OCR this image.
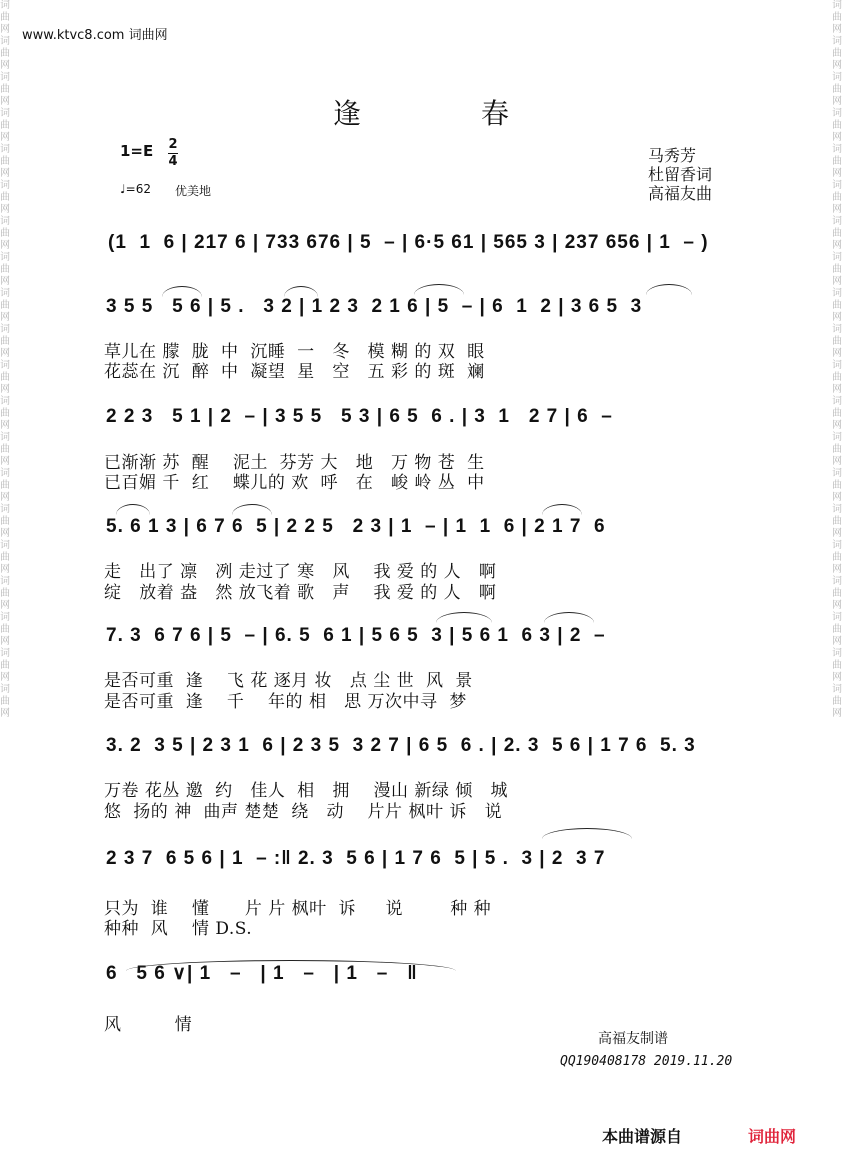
词
曲
网
词
曲
网
词
曲
网
词
曲
网
词
曲
网
词
曲
网
词
曲
网
词
曲
网
词
曲
网
词
曲
网
词
曲
网
词
曲
网
词
曲
网
词
曲
网
词
曲
网
词
曲
网
词
曲
网
词
曲
网
词
曲
网
词
曲
网
词
曲
网
词
曲
网
词
曲
网
词
曲
网
词
曲
网
词
曲
网
词
曲
网
词
曲
网
词
曲
网
词
曲
网
词
曲
网
词
曲
网
词
曲
网
词
曲
网
词
曲
网
词
曲
网
词
曲
网
词
曲
网
词
曲
网
词
曲
网
www.ktvc8.com 词曲网
逢	春
1=E 2
4
♩=62 优美地
马秀芳
杜留香词
高福友曲
(1  1  6 | 217 6 | 733 676 | 5  – | 6·5 61 | 565 3 | 237 656 | 1  – )
3 5 5   5 6 | 5 .   3 2 | 1 2 3  2 1 6 | 5  – | 6  1  2 | 3 6 5  3
草儿在 朦  胧  中  沉睡  一   冬   模 糊 的 双  眼
花蕊在 沉  醉  中  凝望  星   空   五 彩 的 斑  斓
2 2 3   5 1 | 2  – | 3 5 5   5 3 | 6 5  6 . | 3  1   2 7 | 6  –
已渐渐 苏  醒    泥土  芬芳 大   地   万 物 苍  生
已百媚 千  红    蝶儿的 欢  呼   在   峻 岭 丛  中
5. 6 1 3 | 6 7 6  5 | 2 2 5   2 3 | 1  – | 1  1  6 | 2 1 7  6
走   出了 凛   冽 走过了 寒   风    我 爱 的 人   啊
绽   放着 盎   然 放飞着 歌   声    我 爱 的 人   啊
7. 3  6 7 6 | 5  – | 6. 5  6 1 | 5 6 5  3 | 5 6 1  6 3 | 2  –
是否可重  逢    飞 花 逐月 妆   点 尘 世  风  景
是否可重  逢    千    年的 相   思 万次中寻  梦
3. 2  3 5 | 2 3 1  6 | 2 3 5  3 2 7 | 6 5  6 . | 2. 3  5 6 | 1 7 6  5. 3
万卷 花丛 邀  约   佳人  相   拥    漫山 新绿 倾   城
悠  扬的 神  曲声 楚楚  绕   动    片片 枫叶 诉   说
2 3 7  6 5 6 | 1  – :‖ 2. 3  5 6 | 1 7 6  5 | 5 .  3 | 2  3 7
只为  谁    懂      片 片 枫叶  诉     说        种 种
种种  风    情 D.S.
6   5 6 ∨| 1   –   | 1   –   | 1   –   ‖
风         情
高福友制谱
QQ190408178 2019.11.20
本曲谱源自	词曲网
